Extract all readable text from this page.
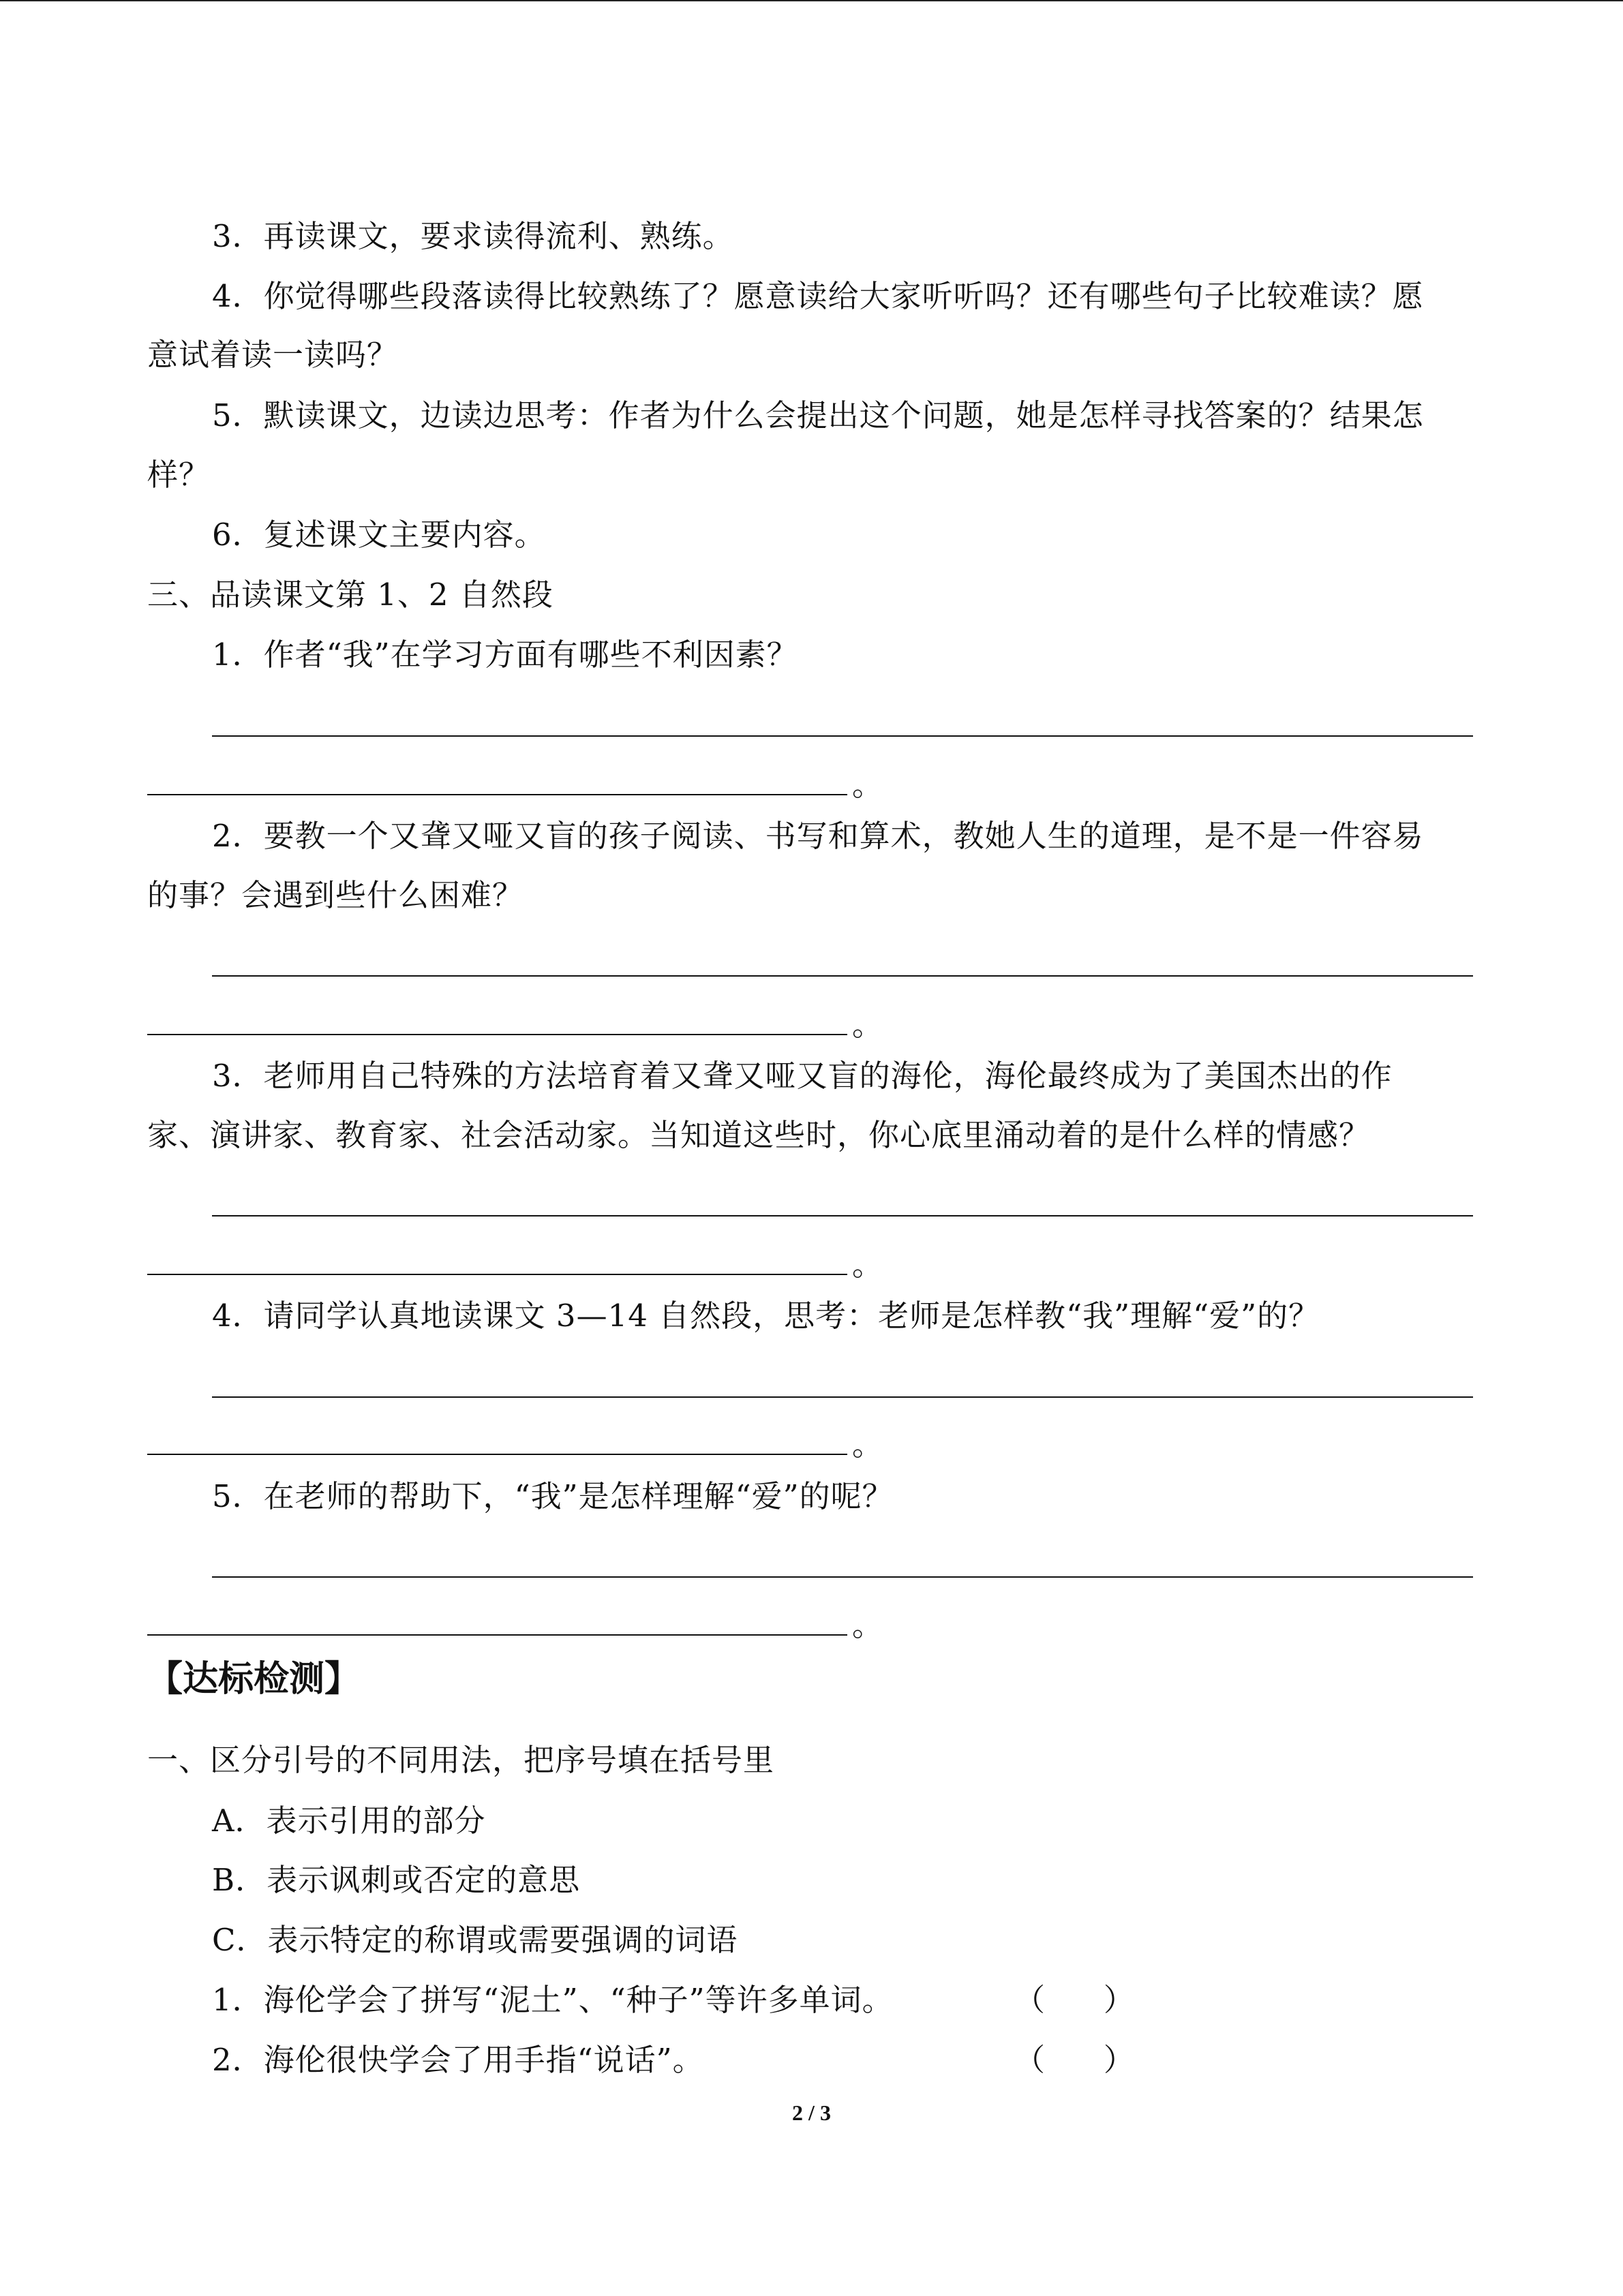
3．再读课文，要求读得流利、熟练。
4．你觉得哪些段落读得比较熟练了？愿意读给大家听听吗？还有哪些句子比较难读？愿
意试着读一读吗？
5．默读课文，边读边思考：作者为什么会提出这个问题，她是怎样寻找答案的？结果怎
样？
6．复述课文主要内容。
三、品读课文第 1、2 自然段
1．作者“我”在学习方面有哪些不利因素？
。
2．要教一个又聋又哑又盲的孩子阅读、书写和算术，教她人生的道理，是不是一件容易
的事？会遇到些什么困难？
。
3．老师用自己特殊的方法培育着又聋又哑又盲的海伦，海伦最终成为了美国杰出的作
家、演讲家、教育家、社会活动家。当知道这些时，你心底里涌动着的是什么样的情感？
。
4．请同学认真地读课文 3—14 自然段，思考：老师是怎样教“我”理解“爱”的？
。
5．在老师的帮助下，“我”是怎样理解“爱”的呢？
。
【达标检测】
一、区分引号的不同用法，把序号填在括号里
A．表示引用的部分
B．表示讽刺或否定的意思
C．表示特定的称谓或需要强调的词语
1．海伦学会了拼写“泥土”、“种子”等许多单词。	（      ）
2．海伦很快学会了用手指“说话”。	（      ）
2 / 3
